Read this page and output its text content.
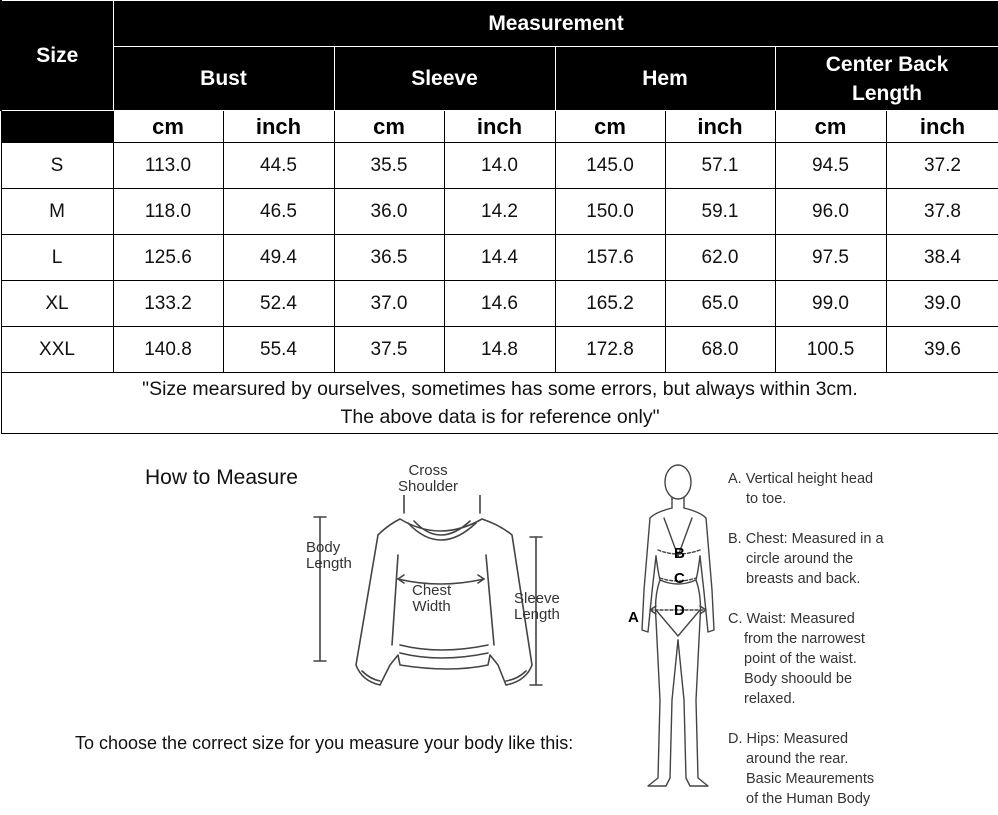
Size	Measurement							

	Bust		Sleeve		Hem		Center Back
Length	

	cm	inch	cm	inch	cm	inch	cm	inch
S	113.0	44.5	35.5	14.0	145.0	57.1	94.5	37.2
M	118.0	46.5	36.0	14.2	150.0	59.1	96.0	37.8
L	125.6	49.4	36.5	14.4	157.6	62.0	97.5	38.4
XL	133.2	52.4	37.0	14.6	165.2	65.0	99.0	39.0
XXL	140.8	55.4	37.5	14.8	172.8	68.0	100.5	39.6

"Size mearsured by ourselves, sometimes has some errors, but always within 3cm.
The above data is for reference only"								
How to Measure
To choose the correct size for you measure your body like this:
Cross
Shoulder
Body
Length
Chest
Width	Sleeve
Length
B
C
D
A
A. Vertical height head
to toe.
B. Chest: Measured in a
circle around the
breasts and back.
C. Waist: Measured
from the narrowest
point of the waist.
Body shoould be
relaxed.
D. Hips: Measured
around the rear.
Basic Meaurements
of the Human Body
